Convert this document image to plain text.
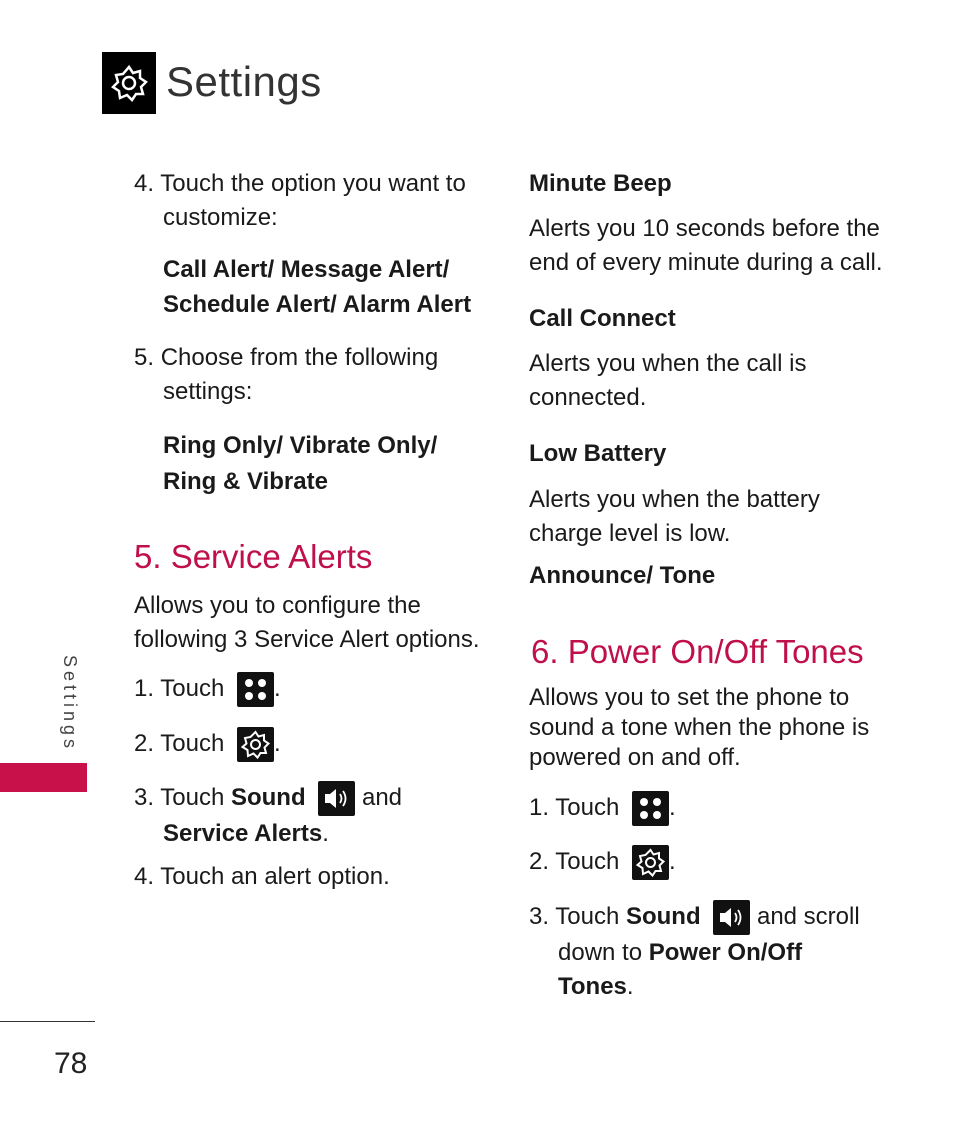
Settings
4. Touch the option you want to
customize:
Call Alert/ Message Alert/
Schedule Alert/ Alarm Alert
5. Choose from the following
settings:
Ring Only/ Vibrate Only/
Ring & Vibrate
5. Service Alerts
Allows you to configure the
following 3 Service Alert options.
1. Touch .
2. Touch .
3. Touch Sound and
Service Alerts.
4. Touch an alert option.
Minute Beep
Alerts you 10 seconds before the
end of every minute during a call.
Call Connect
Alerts you when the call is
connected.
Low Battery
Alerts you when the battery
charge level is low.
Announce/ Tone
6. Power On/Off Tones
Allows you to set the phone to
sound a tone when the phone is
powered on and off.
1. Touch .
2. Touch .
3. Touch Sound and scroll
down to Power On/Off
Tones.
Settings
78
